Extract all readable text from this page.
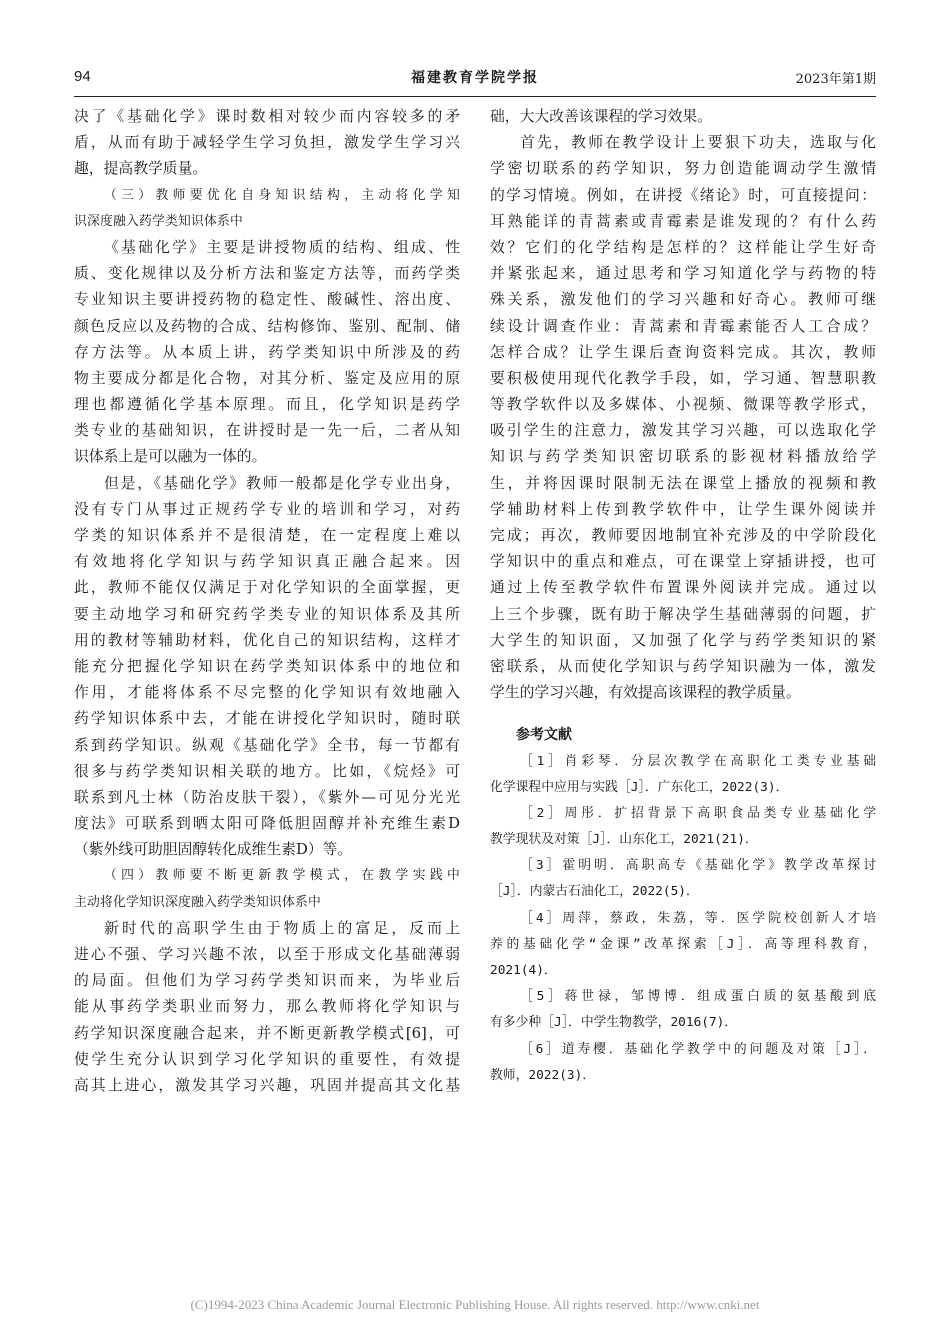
94	福建教育学院学报	2023年第1期
决了《基础化学》课时数相对较少而内容较多的矛
盾，从而有助于减轻学生学习负担，激发学生学习兴
趣，提高教学质量。
（三）教师要优化自身知识结构，主动将化学知
识深度融入药学类知识体系中
《基础化学》主要是讲授物质的结构、组成、性
质、变化规律以及分析方法和鉴定方法等，而药学类
专业知识主要讲授药物的稳定性、酸碱性、溶出度、
颜色反应以及药物的合成、结构修饰、鉴别、配制、储
存方法等。从本质上讲，药学类知识中所涉及的药
物主要成分都是化合物，对其分析、鉴定及应用的原
理也都遵循化学基本原理。而且，化学知识是药学
类专业的基础知识，在讲授时是一先一后，二者从知
识体系上是可以融为一体的。
但是，《基础化学》教师一般都是化学专业出身，
没有专门从事过正规药学专业的培训和学习，对药
学类的知识体系并不是很清楚，在一定程度上难以
有效地将化学知识与药学知识真正融合起来。因
此，教师不能仅仅满足于对化学知识的全面掌握，更
要主动地学习和研究药学类专业的知识体系及其所
用的教材等辅助材料，优化自己的知识结构，这样才
能充分把握化学知识在药学类知识体系中的地位和
作用，才能将体系不尽完整的化学知识有效地融入
药学知识体系中去，才能在讲授化学知识时，随时联
系到药学知识。纵观《基础化学》全书，每一节都有
很多与药学类知识相关联的地方。比如，《烷烃》可
联系到凡士林（防治皮肤干裂），《紫外—可见分光光
度法》可联系到晒太阳可降低胆固醇并补充维生素D
（紫外线可助胆固醇转化成维生素D）等。
（四）教师要不断更新教学模式，在教学实践中
主动将化学知识深度融入药学类知识体系中
新时代的高职学生由于物质上的富足，反而上
进心不强、学习兴趣不浓，以至于形成文化基础薄弱
的局面。但他们为学习药学类知识而来，为毕业后
能从事药学类职业而努力，那么教师将化学知识与
药学知识深度融合起来，并不断更新教学模式[6]，可
使学生充分认识到学习化学知识的重要性，有效提
高其上进心，激发其学习兴趣，巩固并提高其文化基
础，大大改善该课程的学习效果。
首先，教师在教学设计上要狠下功夫，选取与化
学密切联系的药学知识，努力创造能调动学生激情
的学习情境。例如，在讲授《绪论》时，可直接提问：
耳熟能详的青蒿素或青霉素是谁发现的？有什么药
效？它们的化学结构是怎样的？这样能让学生好奇
并紧张起来，通过思考和学习知道化学与药物的特
殊关系，激发他们的学习兴趣和好奇心。教师可继
续设计调查作业：青蒿素和青霉素能否人工合成？
怎样合成？让学生课后查询资料完成。其次，教师
要积极使用现代化教学手段，如，学习通、智慧职教
等教学软件以及多媒体、小视频、微课等教学形式，
吸引学生的注意力，激发其学习兴趣，可以选取化学
知识与药学类知识密切联系的影视材料播放给学
生，并将因课时限制无法在课堂上播放的视频和教
学辅助材料上传到教学软件中，让学生课外阅读并
完成；再次，教师要因地制宜补充涉及的中学阶段化
学知识中的重点和难点，可在课堂上穿插讲授，也可
通过上传至教学软件布置课外阅读并完成。通过以
上三个步骤，既有助于解决学生基础薄弱的问题，扩
大学生的知识面，又加强了化学与药学类知识的紧
密联系，从而使化学知识与药学知识融为一体，激发
学生的学习兴趣，有效提高该课程的教学质量。
参考文献
［1］肖彩琴．分层次教学在高职化工类专业基础
化学课程中应用与实践［J］．广东化工，2022(3)．
［2］周彤．扩招背景下高职食品类专业基础化学
教学现状及对策［J］．山东化工，2021(21)．
［3］霍明明．高职高专《基础化学》教学改革探讨
［J］．内蒙古石油化工，2022(5)．
［4］周萍，蔡政，朱荔，等．医学院校创新人才培
养的基础化学“金课”改革探索［J］．高等理科教育，
2021(4)．
［5］蒋世禄，邹博博．组成蛋白质的氨基酸到底
有多少种［J］．中学生物教学，2016(7)．
［6］道寿樱．基础化学教学中的问题及对策［J］．
教师，2022(3)．
(C)1994-2023 China Academic Journal Electronic Publishing House. All rights reserved. http://www.cnki.net
